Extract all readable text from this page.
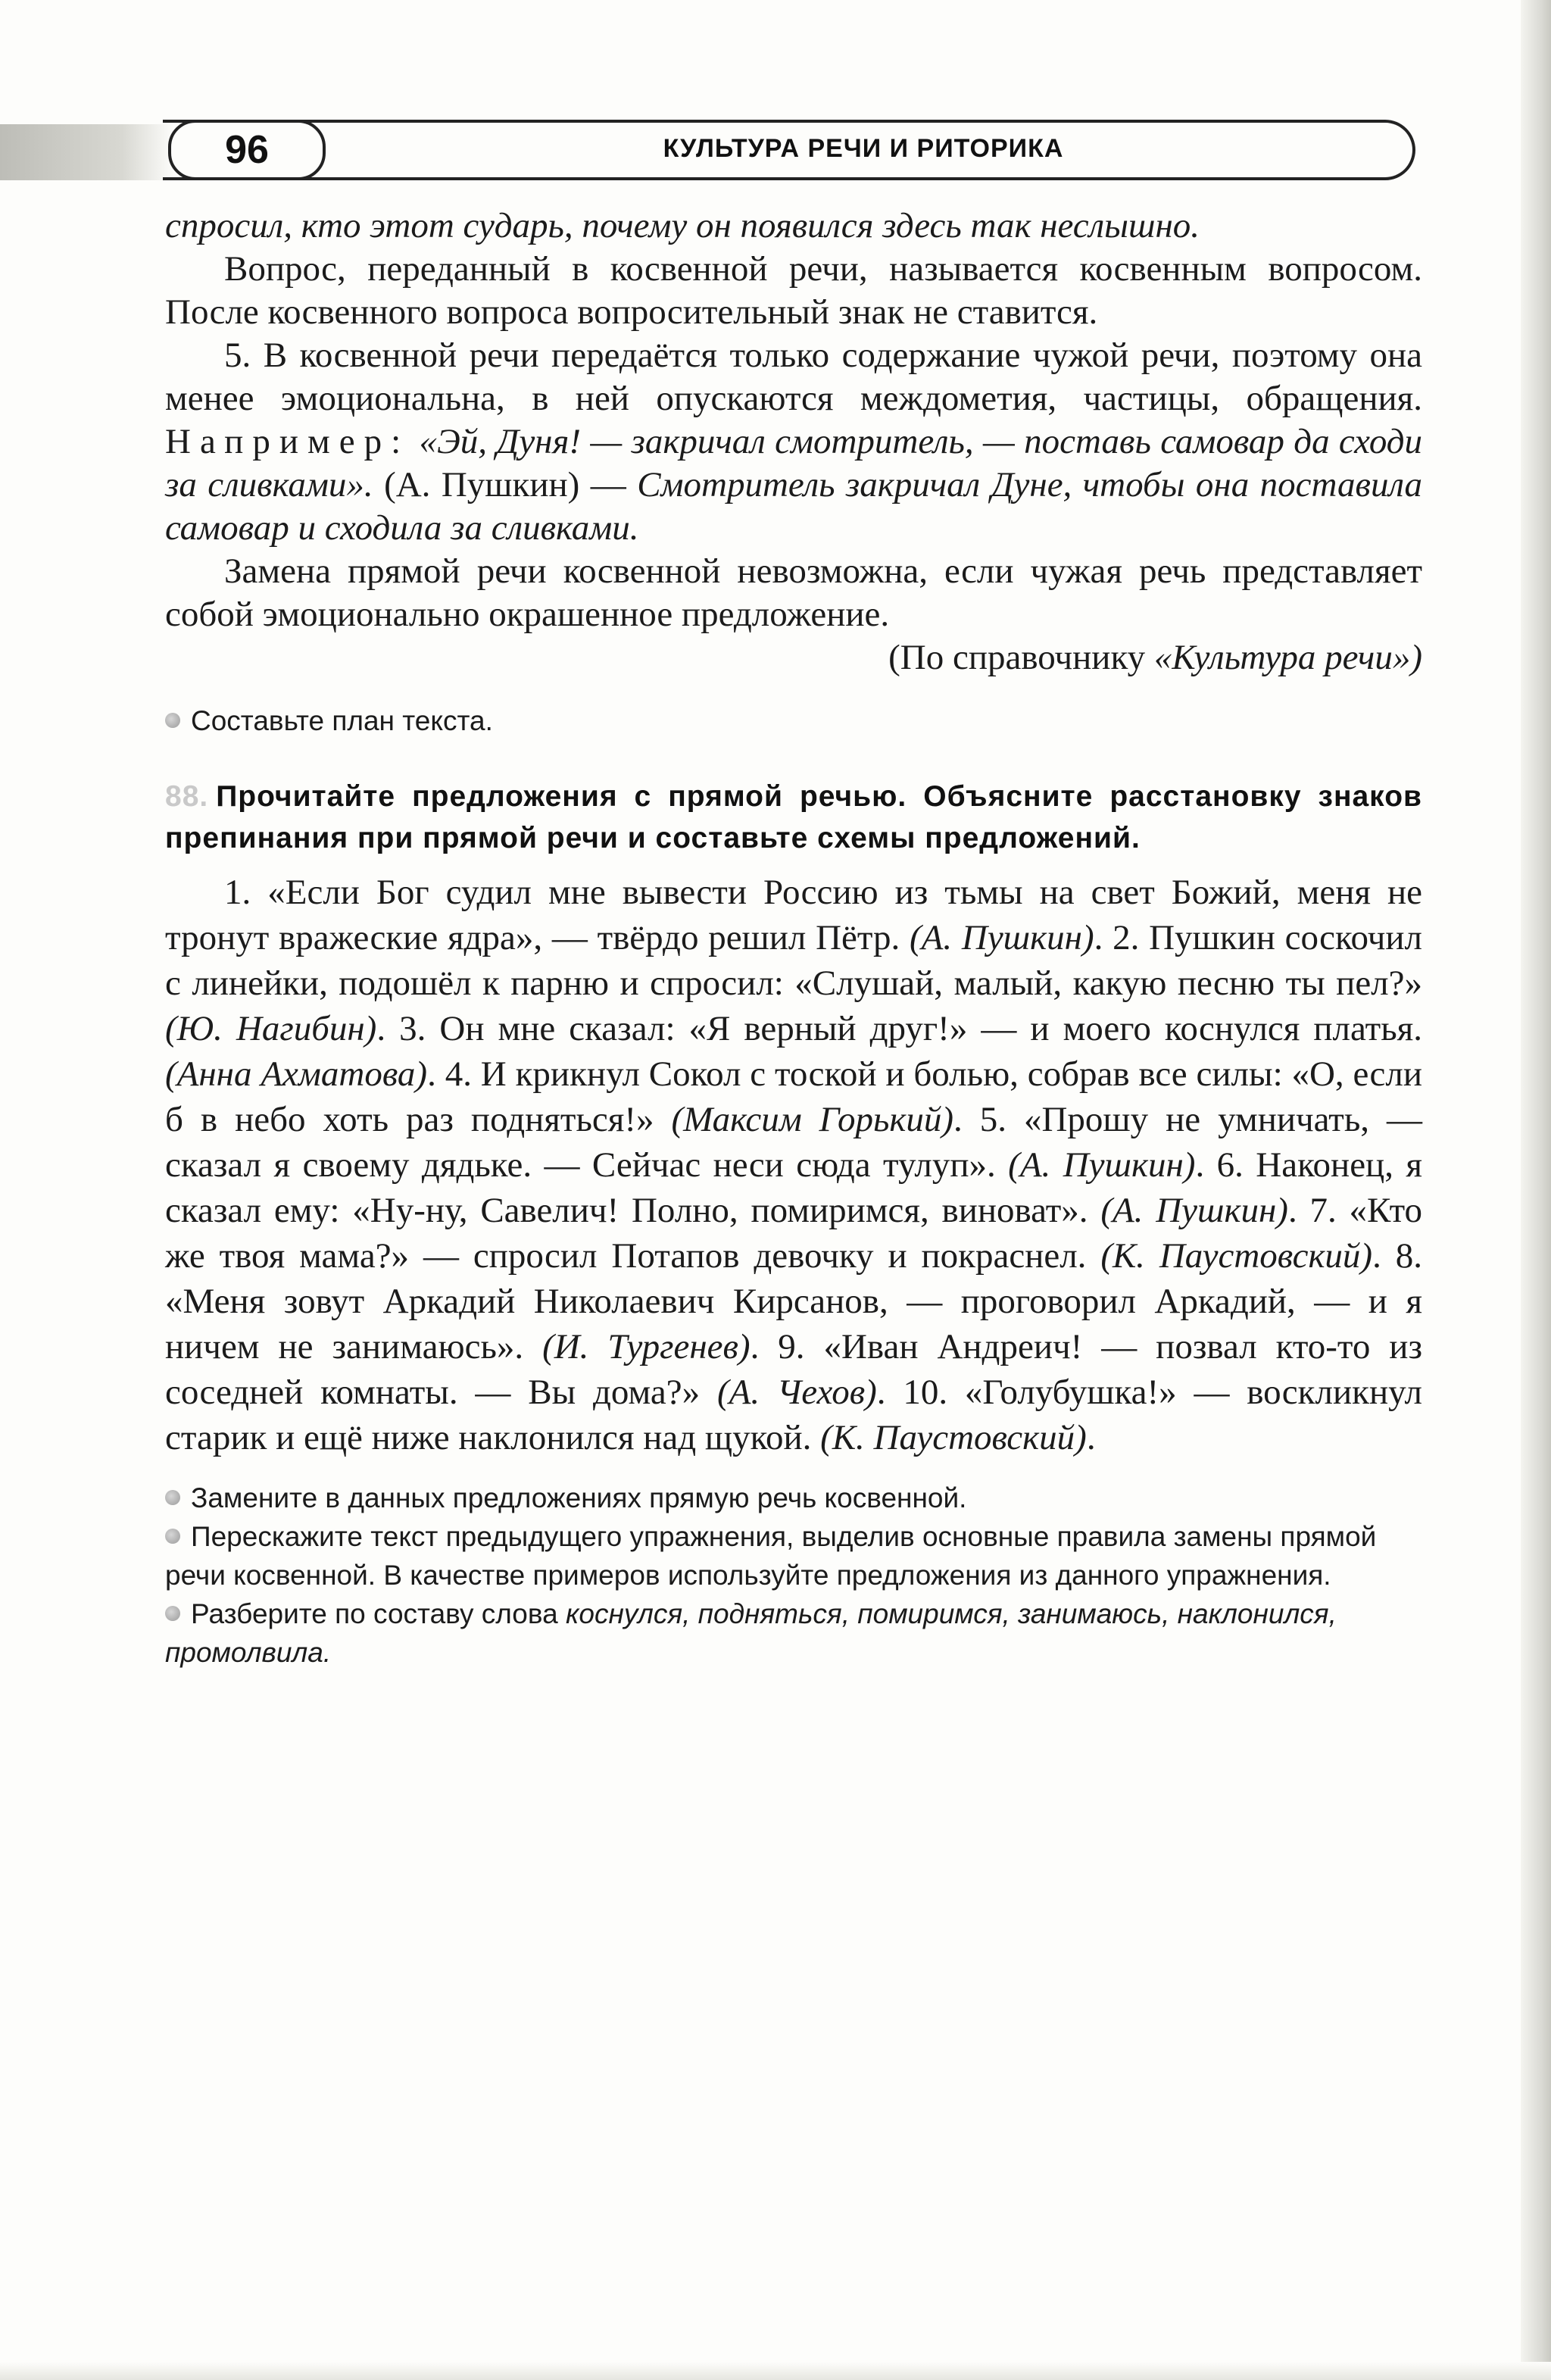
96	КУЛЬТУРА РЕЧИ И РИТОРИКА

спросил, кто этот сударь, почему он появился здесь так неслышно.

Вопрос, переданный в косвенной речи, называется косвенным вопросом. После косвенного вопроса вопросительный знак не ставится.

5. В косвенной речи передаётся только содержание чужой речи, поэтому она менее эмоциональна, в ней опускаются междометия, частицы, обращения. Например: «Эй, Дуня! — закричал смотритель, — поставь самовар да сходи за сливками». (А. Пушкин) — Смотритель закричал Дуне, чтобы она поставила самовар и сходила за сливками.

Замена прямой речи косвенной невозможна, если чужая речь представляет собой эмоционально окрашенное предложение.

(По справочнику «Культура речи»)

Составьте план текста.

88. Прочитайте предложения с прямой речью. Объясните расстановку знаков препинания при прямой речи и составьте схемы предложений.

1. «Если Бог судил мне вывести Россию из тьмы на свет Божий, меня не тронут вражеские ядра», — твёрдо решил Пётр. (А. Пушкин). 2. Пушкин соскочил с линейки, подошёл к парню и спросил: «Слушай, малый, какую песню ты пел?» (Ю. Нагибин). 3. Он мне сказал: «Я верный друг!» — и моего коснулся платья. (Анна Ахматова). 4. И крикнул Сокол с тоской и болью, собрав все силы: «О, если б в небо хоть раз подняться!» (Максим Горький). 5. «Прошу не умничать, — сказал я своему дядьке. — Сейчас неси сюда тулуп». (А. Пушкин). 6. Наконец, я сказал ему: «Ну-ну, Савелич! Полно, помиримся, виноват». (А. Пушкин). 7. «Кто же твоя мама?» — спросил Потапов девочку и покраснел. (К. Паустовский). 8. «Меня зовут Аркадий Николаевич Кирсанов, — проговорил Аркадий, — и я ничем не занимаюсь». (И. Тургенев). 9. «Иван Андреич! — позвал кто-то из соседней комнаты. — Вы дома?» (А. Чехов). 10. «Голубушка!» — воскликнул старик и ещё ниже наклонился над щукой. (К. Паустовский).

Замените в данных предложениях прямую речь косвенной.

Перескажите текст предыдущего упражнения, выделив основные правила замены прямой речи косвенной. В качестве примеров используйте предложения из данного упражнения.

Разберите по составу слова коснулся, подняться, помиримся, занимаюсь, наклонился, промолвила.
